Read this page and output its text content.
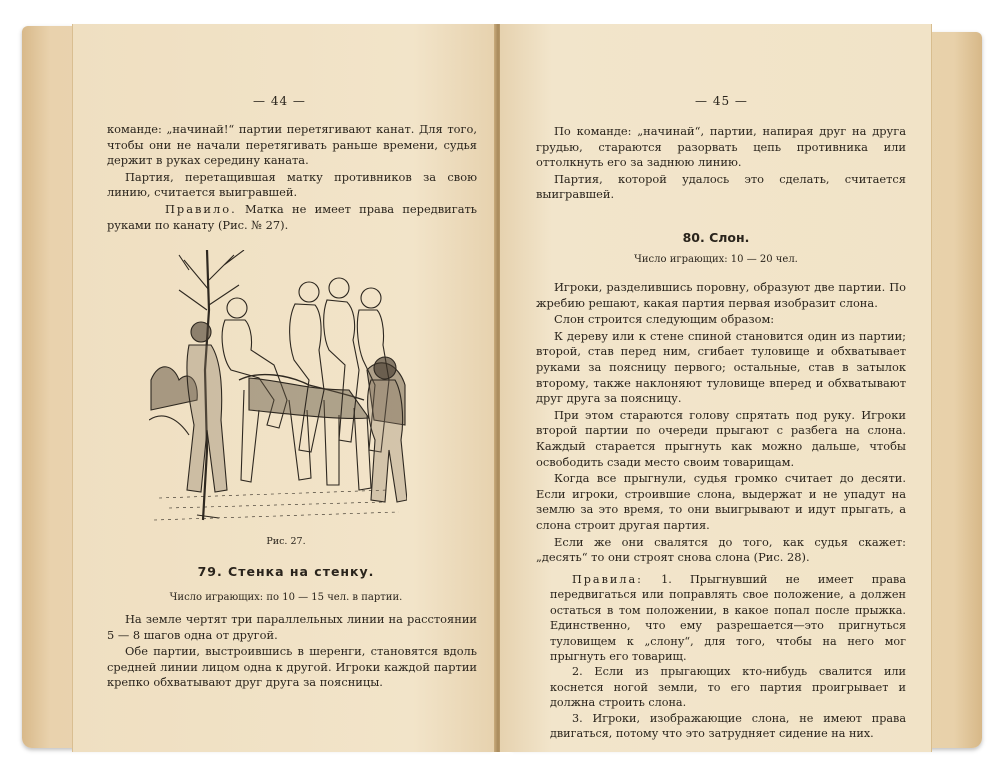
— 44 —

команде: „начинай!“ партии перетягивают канат. Для того, чтобы они не начали перетягивать раньше времени, судья держит в руках середину каната.

Партия, перетащившая матку противников за свою линию, считается выигравшей.

Правило. Матка не имеет права передвигать руками по канату (Рис. № 27).

Рис. 27.
79. Стенка на стенку.
Число играющих: по 10 — 15 чел. в партии.

На земле чертят три параллельных линии на расстоянии 5 — 8 шагов одна от другой.

Обе партии, выстроившись в шеренги, становятся вдоль средней линии лицом одна к другой. Игроки каждой партии крепко обхватывают друг друга за поясницы.

— 45 —

По команде: „начинай“, партии, напирая друг на друга грудью, стараются разорвать цепь противника или оттолкнуть его за заднюю линию.

Партия, которой удалось это сделать, считается выигравшей.

80. Слон.
Число играющих: 10 — 20 чел.

Игроки, разделившись поровну, образуют две партии. По жребию решают, какая партия первая изобразит слона.

Слон строится следующим образом:

К дереву или к стене спиной становится один из партии; второй, став перед ним, сгибает туловище и обхватывает руками за поясницу первого; остальные, став в затылок второму, также наклоняют туловище вперед и обхватывают друг друга за поясницу.

При этом стараются голову спрятать под руку. Игроки второй партии по очереди прыгают с разбега на слона. Каждый старается прыгнуть как можно дальше, чтобы освободить сзади место своим товарищам.

Когда все прыгнули, судья громко считает до десяти. Если игроки, строившие слона, выдержат и не упадут на землю за это время, то они выигрывают и идут прыгать, а слона строит другая партия.

Если же они свалятся до того, как судья скажет: „десять“ то они строят снова слона (Рис. 28).

Правила: 1. Прыгнувший не имеет права передвигаться или поправлять свое положение, а должен остаться в том положении, в какое попал после прыжка. Единственно, что ему разрешается—это пригнуться туловищем к „слону“, для того, чтобы на него мог прыгнуть его товарищ.

2. Если из прыгающих кто-нибудь свалится или коснется ногой земли, то его партия проигрывает и должна строить слона.

3. Игроки, изображающие слона, не имеют права двигаться, потому что это затрудняет сидение на них.
